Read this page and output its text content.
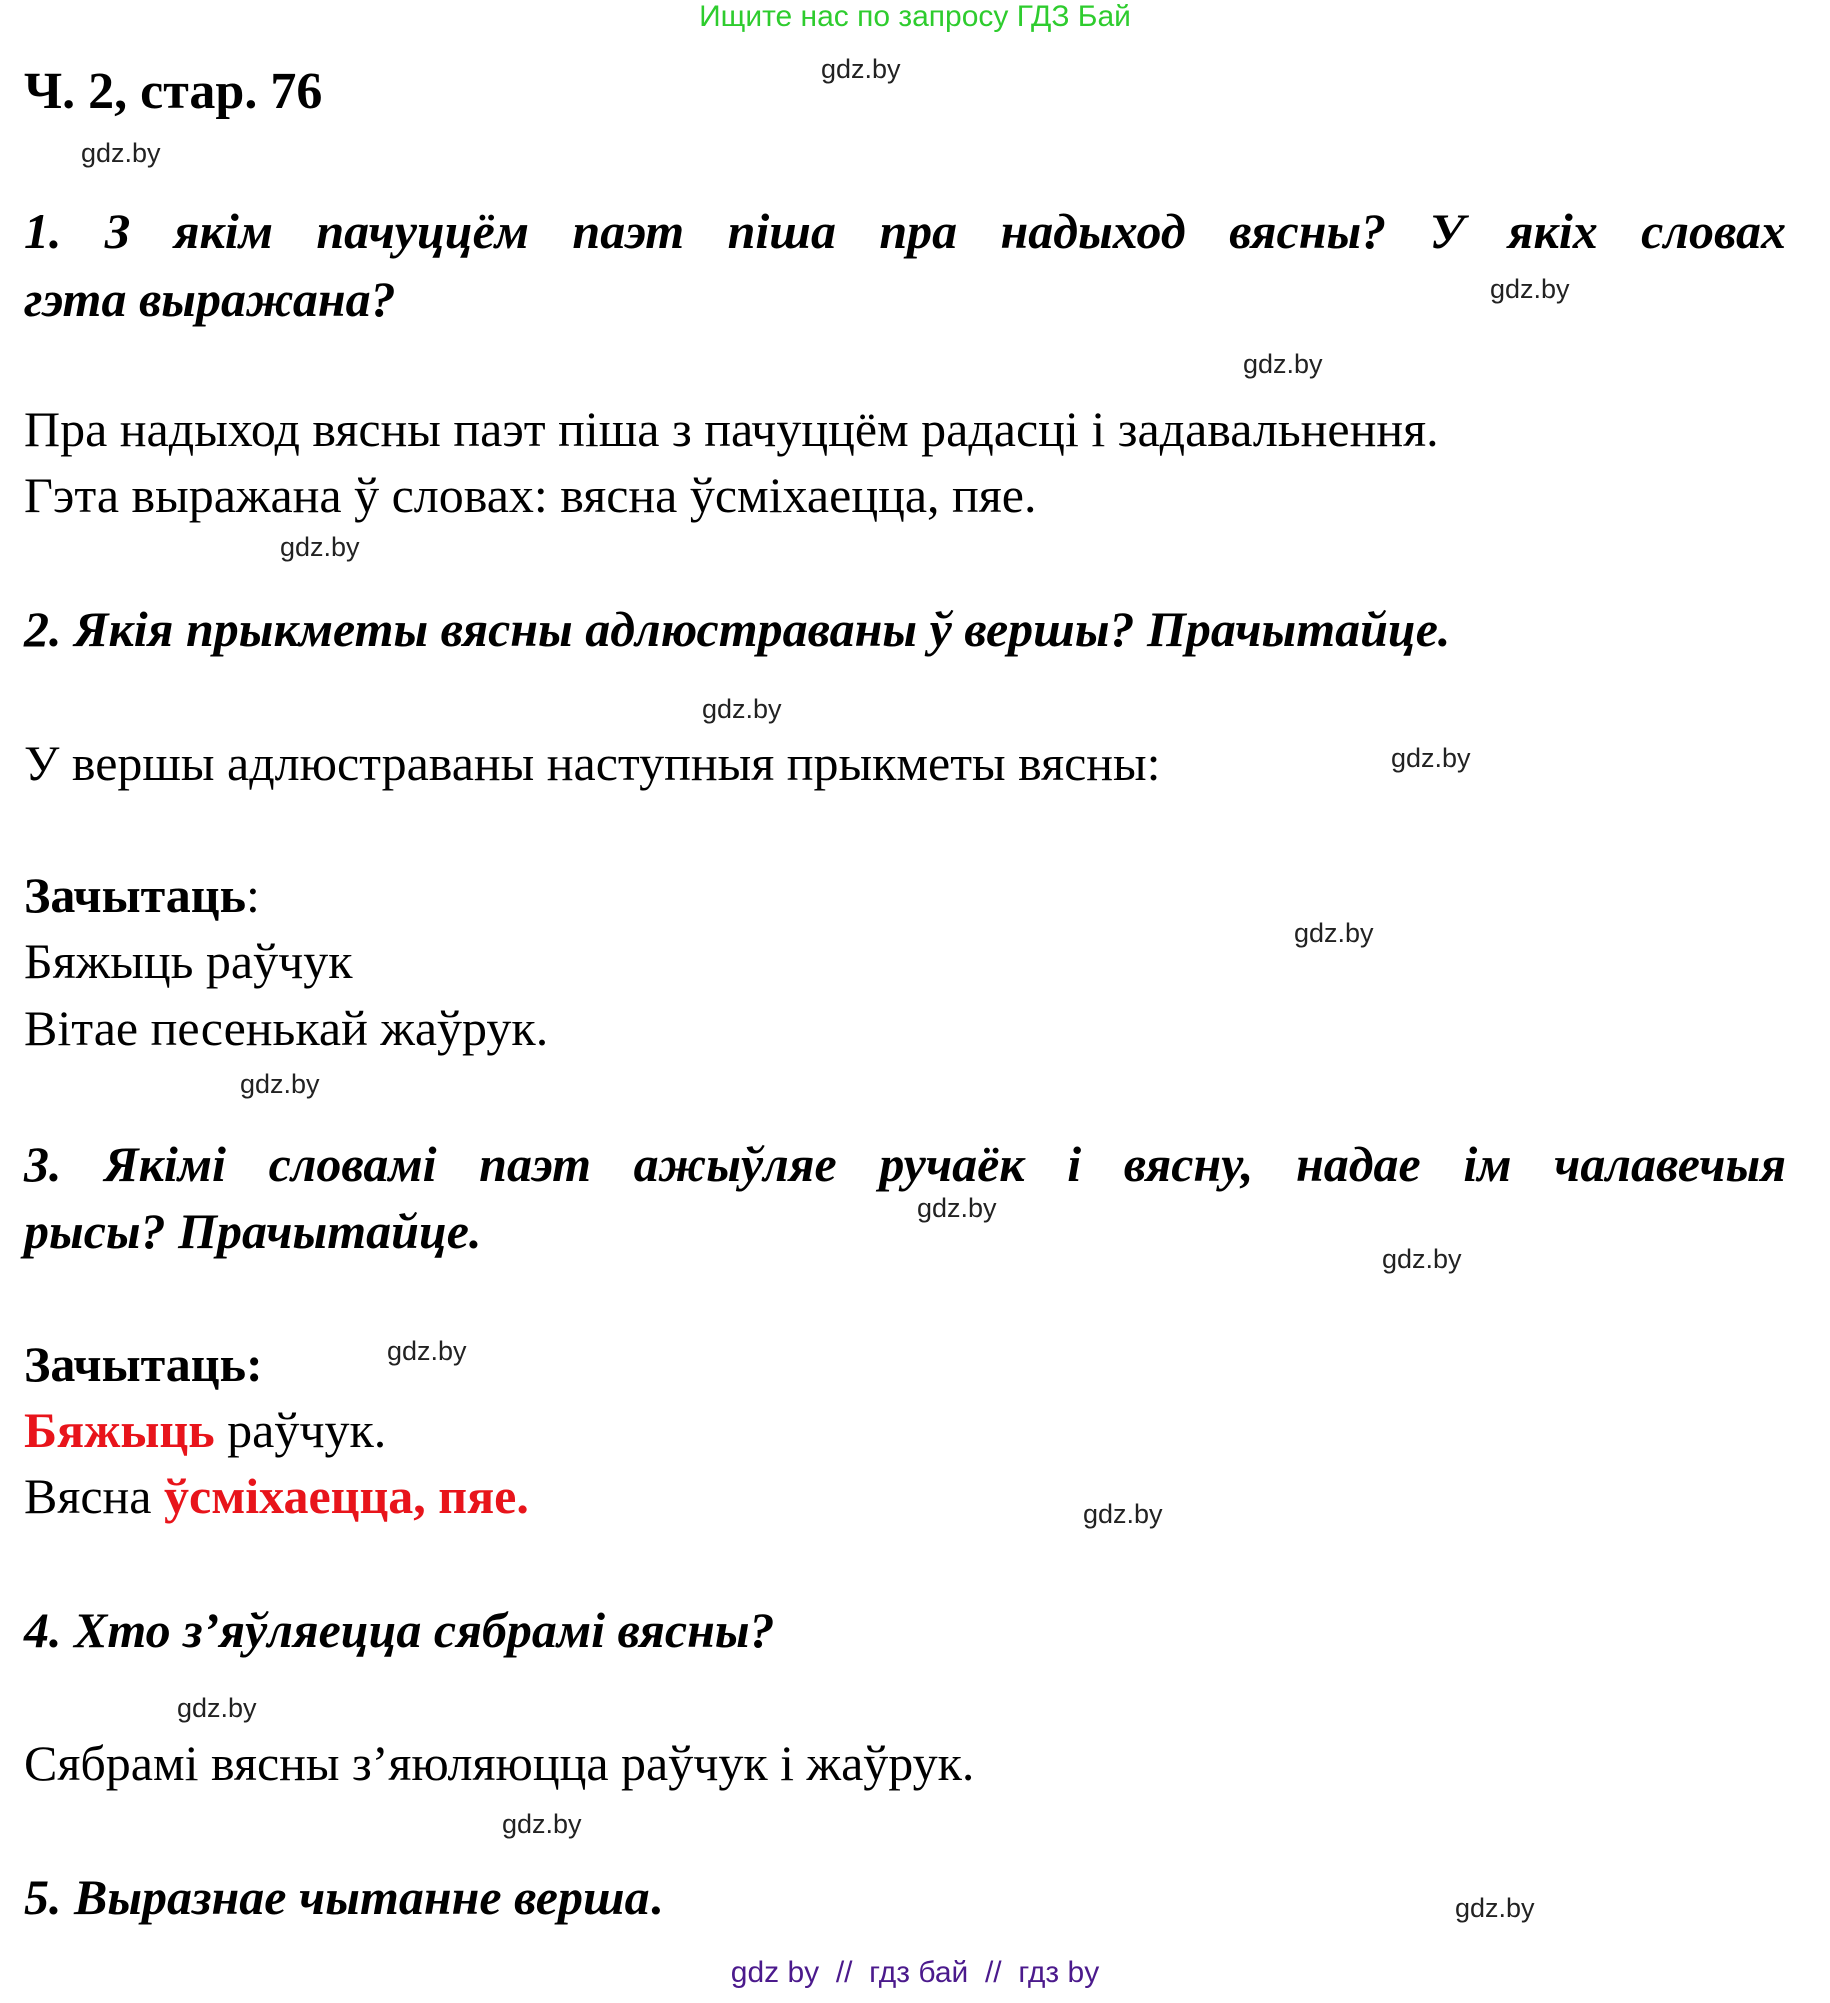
Ищите нас по запросу ГДЗ Бай
Ч. 2, стар. 76
1. З якім пачуццём паэт піша пра надыход вясны? У якіх словах
гэта выражана?
Пра надыход вясны паэт піша з пачуццём радасці і задавальнення.
Гэта выражана ў словах: вясна ўсміхаецца, пяе.
2. Якія прыкметы вясны адлюстраваны ў вершы? Прачытайце.
У вершы адлюстраваны наступныя прыкметы вясны:
Зачытаць:
Бяжыць раўчук
Вітае песенькай жаўрук.
3. Якімі словамі паэт ажыўляе ручаёк і вясну, надае ім чалавечыя
рысы? Прачытайце.
Зачытаць:
Бяжыць раўчук.
Вясна ўсміхаецца, пяе.
4. Хто з’яўляецца сябрамі вясны?
Сябрамі вясны з’яюляюцца раўчук і жаўрук.
5. Выразнае чытанне верша.
gdz.by
gdz.by
gdz.by
gdz.by
gdz.by
gdz.by
gdz.by
gdz.by
gdz.by
gdz.by
gdz.by
gdz.by
gdz.by
gdz.by
gdz.by
gdz.by
gdz by  //  гдз бай  //  гдз by
